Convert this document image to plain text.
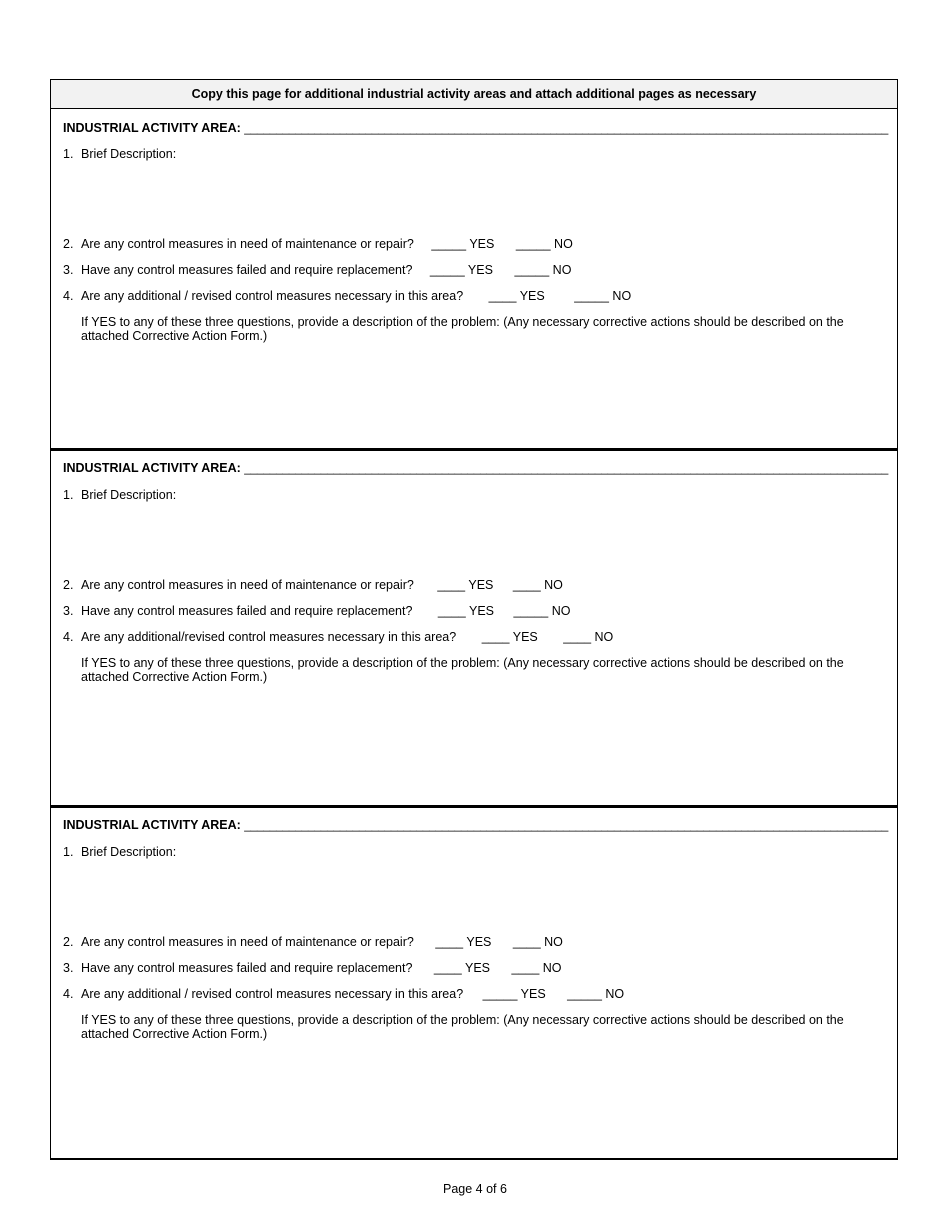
Copy this page for additional industrial activity areas and attach additional pages as necessary
INDUSTRIAL ACTIVITY AREA: _____________________________________________________________________________________________________
1. Brief Description:
2. Are any control measures in need of maintenance or repair? _____ YES _____ NO
3. Have any control measures failed and require replacement? _____ YES _____ NO
4. Are any additional / revised control measures necessary in this area? ____ YES _____ NO
If YES to any of these three questions, provide a description of the problem: (Any necessary corrective actions should be described on the attached Corrective Action Form.)
INDUSTRIAL ACTIVITY AREA: _____________________________________________________________________________________________________
1. Brief Description:
2. Are any control measures in need of maintenance or repair? ____ YES ____ NO
3. Have any control measures failed and require replacement? ____ YES _____ NO
4. Are any additional/revised control measures necessary in this area? ____ YES ____ NO
If YES to any of these three questions, provide a description of the problem: (Any necessary corrective actions should be described on the attached Corrective Action Form.)
INDUSTRIAL ACTIVITY AREA: _____________________________________________________________________________________________________
1. Brief Description:
2. Are any control measures in need of maintenance or repair? ____ YES ____ NO
3. Have any control measures failed and require replacement? ____ YES ____ NO
4. Are any additional / revised control measures necessary in this area? _____ YES _____ NO
If YES to any of these three questions, provide a description of the problem: (Any necessary corrective actions should be described on the attached Corrective Action Form.)
Page 4 of 6
